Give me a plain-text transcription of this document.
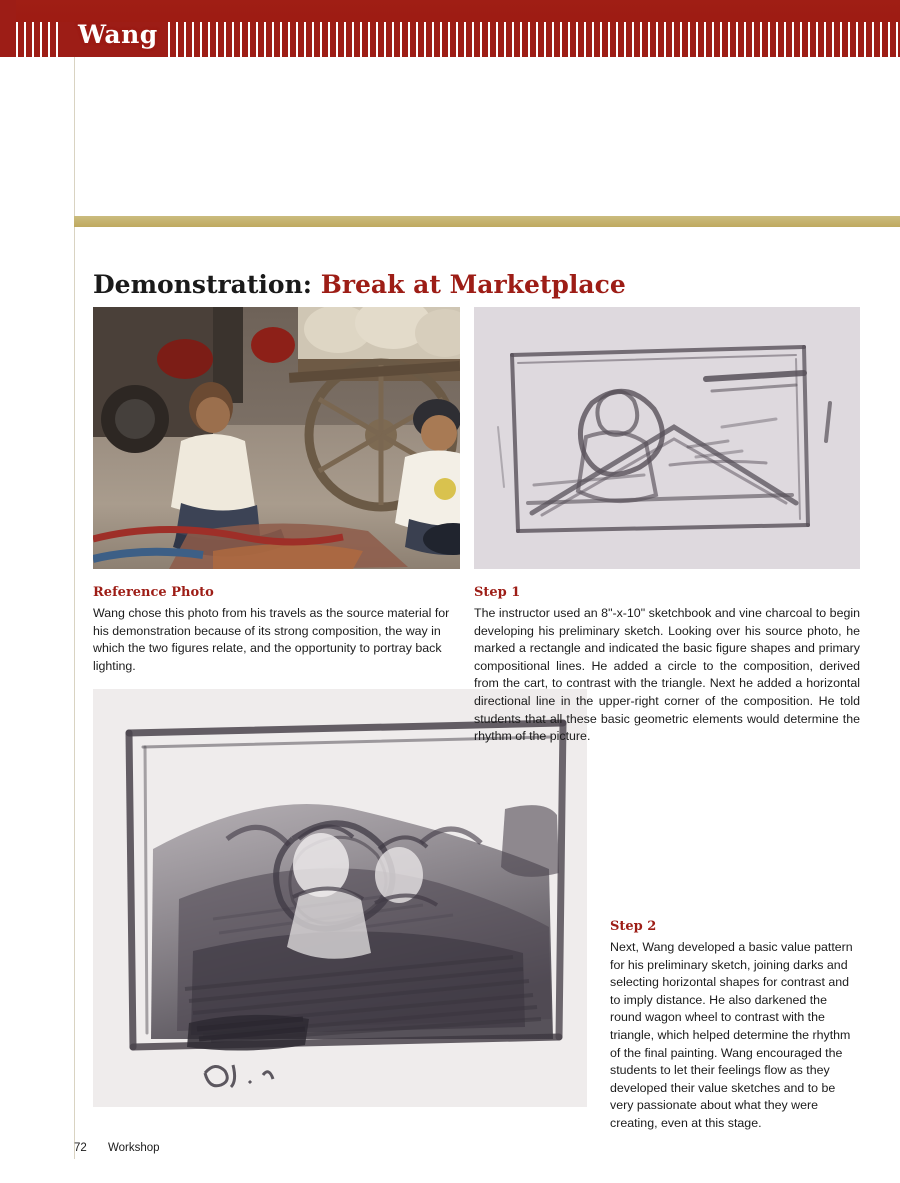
Wang
Demonstration: Break at Marketplace

Reference Photo

Wang chose this photo from his travels as the source material for his demonstration because of its strong composition, the way in which the two figures relate, and the opportunity to portray back lighting.

Step 1

The instructor used an 8"-x-10" sketchbook and vine charcoal to begin developing his preliminary sketch. Looking over his source photo, he marked a rectangle and indicated the basic figure shapes and primary compositional lines. He added a circle to the composition, derived from the cart, to contrast with the triangle. Next he added a horizontal directional line in the upper-right corner of the composition. He told students that all these basic geometric elements would determine the rhythm of the picture.

Step 2

Next, Wang developed a basic value pattern for his preliminary sketch, joining darks and selecting horizontal shapes for contrast and to imply distance. He also darkened the round wagon wheel to contrast with the triangle, which helped determine the rhythm of the final painting. Wang encouraged the students to let their feelings flow as they developed their value sketches and to be very passionate about what they were creating, even at this stage.

72 Workshop
